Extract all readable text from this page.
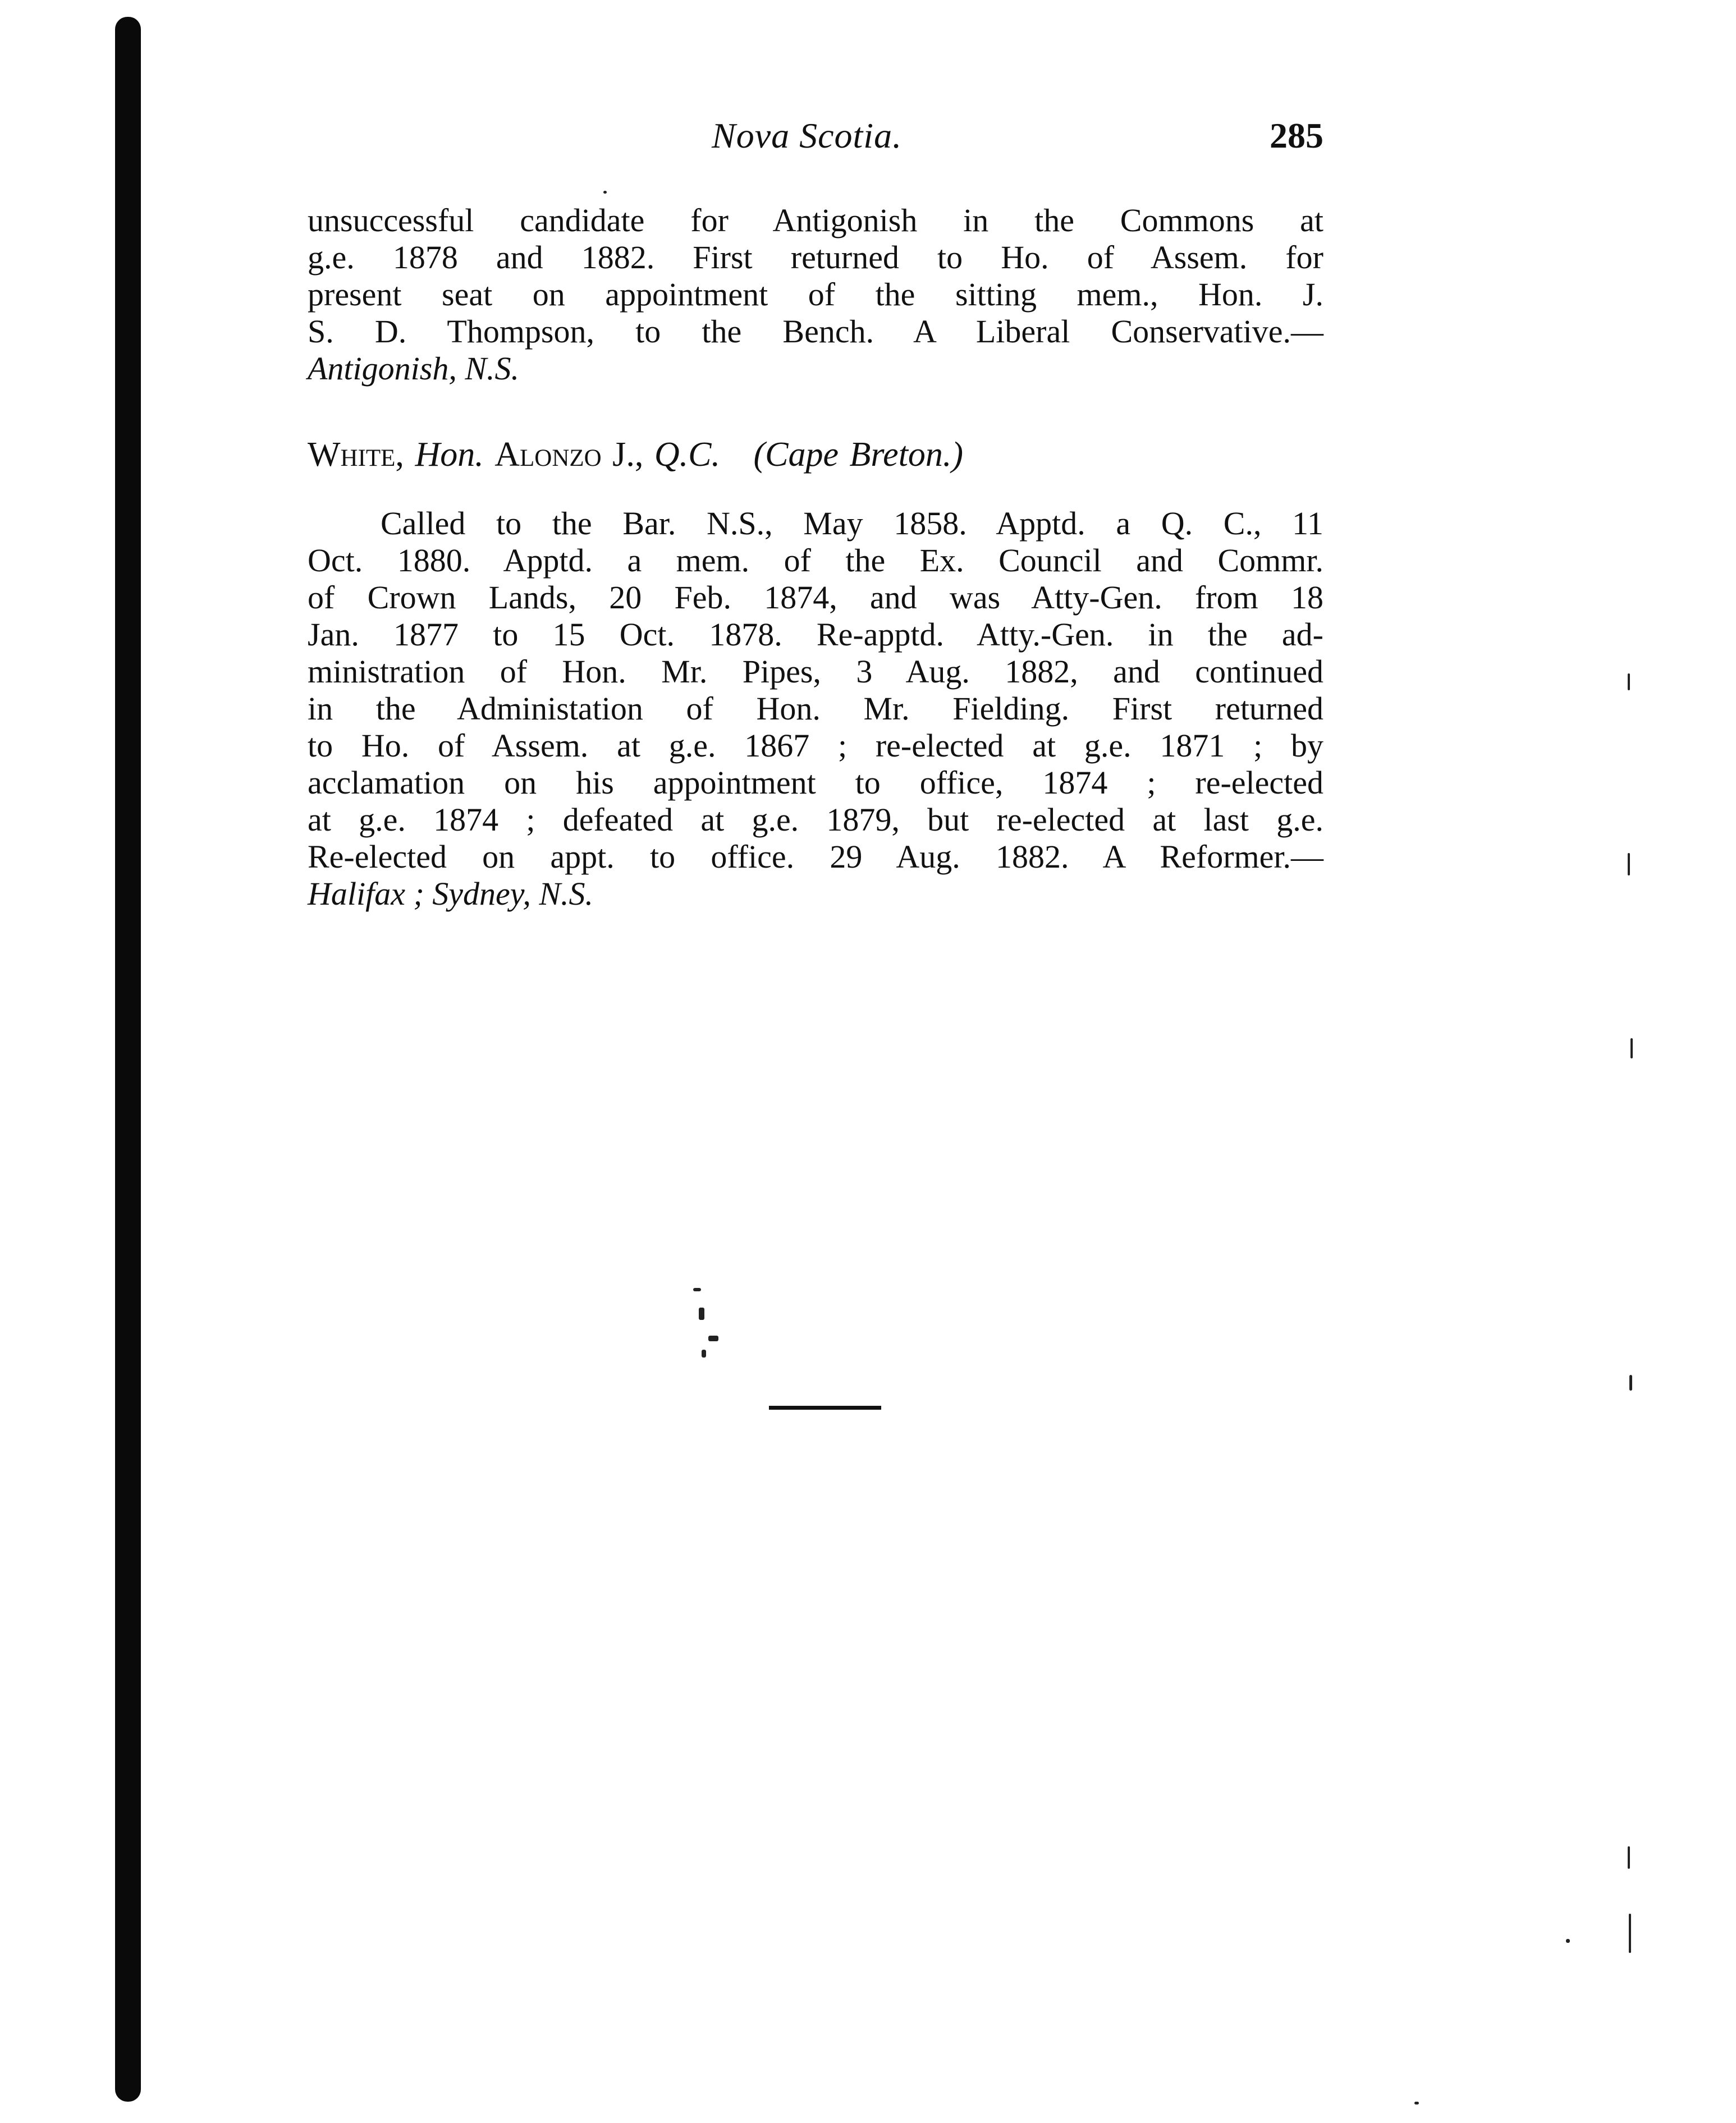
Nova Scotia.	285
unsuccessful candidate for Antigonish in the Commons at
g.e. 1878 and 1882. First returned to Ho. of Assem. for
present seat on appointment of the sitting mem., Hon. J.
S. D. Thompson, to the Bench. A Liberal Conservative.—
Antigonish, N.S.
White, Hon. Alonzo J., Q.C. (Cape Breton.)
Called to the Bar. N.S., May 1858. Apptd. a Q. C., 11
Oct. 1880. Apptd. a mem. of the Ex. Council and Commr.
of Crown Lands, 20 Feb. 1874, and was Atty-Gen. from 18
Jan. 1877 to 15 Oct. 1878. Re-apptd. Atty.-Gen. in the ad-
ministration of Hon. Mr. Pipes, 3 Aug. 1882, and continued
in the Administation of Hon. Mr. Fielding. First returned
to Ho. of Assem. at g.e. 1867 ; re-elected at g.e. 1871 ; by
acclamation on his appointment to office, 1874 ; re-elected
at g.e. 1874 ; defeated at g.e. 1879, but re-elected at last g.e.
Re-elected on appt. to office. 29 Aug. 1882. A Reformer.—
Halifax ; Sydney, N.S.
